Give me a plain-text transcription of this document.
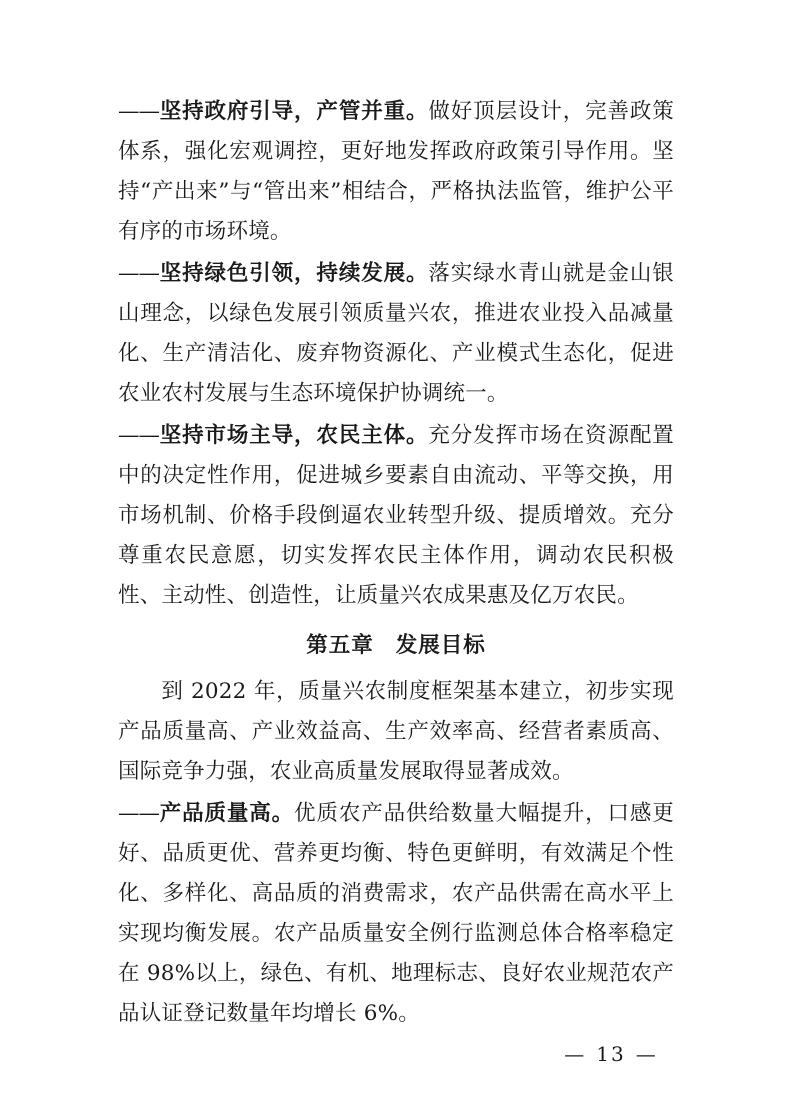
——坚持政府引导，产管并重。做好顶层设计，完善政策体系，强化宏观调控，更好地发挥政府政策引导作用。坚持“产出来”与“管出来”相结合，严格执法监管，维护公平有序的市场环境。

——坚持绿色引领，持续发展。落实绿水青山就是金山银山理念，以绿色发展引领质量兴农，推进农业投入品减量化、生产清洁化、废弃物资源化、产业模式生态化，促进农业农村发展与生态环境保护协调统一。

——坚持市场主导，农民主体。充分发挥市场在资源配置中的决定性作用，促进城乡要素自由流动、平等交换，用市场机制、价格手段倒逼农业转型升级、提质增效。充分尊重农民意愿，切实发挥农民主体作用，调动农民积极性、主动性、创造性，让质量兴农成果惠及亿万农民。

第五章 发展目标

到 2022 年，质量兴农制度框架基本建立，初步实现产品质量高、产业效益高、生产效率高、经营者素质高、国际竞争力强，农业高质量发展取得显著成效。

——产品质量高。优质农产品供给数量大幅提升，口感更好、品质更优、营养更均衡、特色更鲜明，有效满足个性化、多样化、高品质的消费需求，农产品供需在高水平上实现均衡发展。农产品质量安全例行监测总体合格率稳定在 98%以上，绿色、有机、地理标志、良好农业规范农产品认证登记数量年均增长 6%。

— 13 —
